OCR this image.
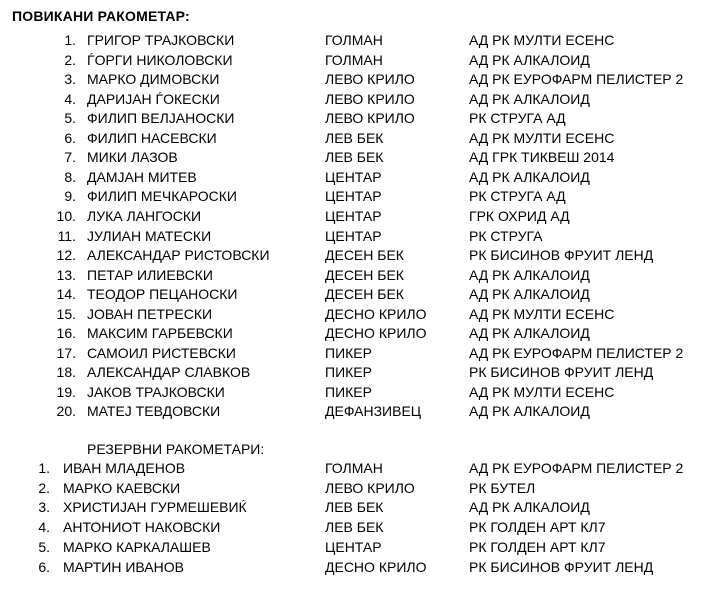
ПОВИКАНИ РАКОМЕТАР:
1. ГРИГОР ТРАЈКОВСКИ	ГОЛМАН	АД РК МУЛТИ ЕСЕНС
2. ЃОРГИ НИКОЛОВСКИ	ГОЛМАН	АД РК АЛКАЛОИД
3. МАРКО ДИМОВСКИ	ЛЕВО КРИЛО	АД РК ЕУРОФАРМ ПЕЛИСТЕР 2
4. ДАРИЈАН ЃОКЕСКИ	ЛЕВО КРИЛО	АД РК АЛКАЛОИД
5. ФИЛИП ВЕЛЈАНОСКИ	ЛЕВО КРИЛО	РК СТРУГА АД
6. ФИЛИП НАСЕВСКИ	ЛЕВ БЕК	АД РК МУЛТИ ЕСЕНС
7. МИКИ ЛАЗОВ	ЛЕВ БЕК	АД ГРК ТИКВЕШ 2014
8. ДАМЈАН МИТЕВ	ЦЕНТАР	АД РК АЛКАЛОИД
9. ФИЛИП МЕЧКАРОСКИ	ЦЕНТАР	РК СТРУГА АД
10. ЛУКА ЛАНГОСКИ	ЦЕНТАР	ГРК ОХРИД АД
11. ЈУЛИАН МАТЕСКИ	ЦЕНТАР	РК СТРУГА
12. АЛЕКСАНДАР РИСТОВСКИ	ДЕСЕН БЕК	РК БИСИНОВ ФРУИТ ЛЕНД
13. ПЕТАР ИЛИЕВСКИ	ДЕСЕН БЕК	АД РК АЛКАЛОИД
14. ТЕОДОР ПЕЦАНОСКИ	ДЕСЕН БЕК	АД РК АЛКАЛОИД
15. ЈОВАН ПЕТРЕСКИ	ДЕСНО КРИЛО	АД РК МУЛТИ ЕСЕНС
16. МАКСИМ ГАРБЕВСКИ	ДЕСНО КРИЛО	АД РК АЛКАЛОИД
17. САМОИЛ РИСТЕВСКИ	ПИКЕР	АД РК ЕУРОФАРМ ПЕЛИСТЕР 2
18. АЛЕКСАНДАР СЛАВКОВ	ПИКЕР	РК БИСИНОВ ФРУИТ ЛЕНД
19. ЈАКОВ ТРАЈКОВСКИ	ПИКЕР	АД РК МУЛТИ ЕСЕНС
20. МАТЕЈ ТЕВДОВСКИ	ДЕФАНЗИВЕЦ	АД РК АЛКАЛОИД
РЕЗЕРВНИ РАКОМЕТАРИ:
1. ИВАН МЛАДЕНОВ	ГОЛМАН	АД РК ЕУРОФАРМ ПЕЛИСТЕР 2
2. МАРКО КАЕВСКИ	ЛЕВО КРИЛО	РК БУТЕЛ
3. ХРИСТИЈАН ГУРМЕШЕВИЌ	ЛЕВ БЕК	АД РК АЛКАЛОИД
4. АНТОНИОТ НАКОВСКИ	ЛЕВ БЕК	РК ГОЛДЕН АРТ КЛ7
5. МАРКО КАРКАЛАШЕВ	ЦЕНТАР	РК ГОЛДЕН АРТ КЛ7
6. МАРТИН ИВАНОВ	ДЕСНО КРИЛО	РК БИСИНОВ ФРУИТ ЛЕНД
